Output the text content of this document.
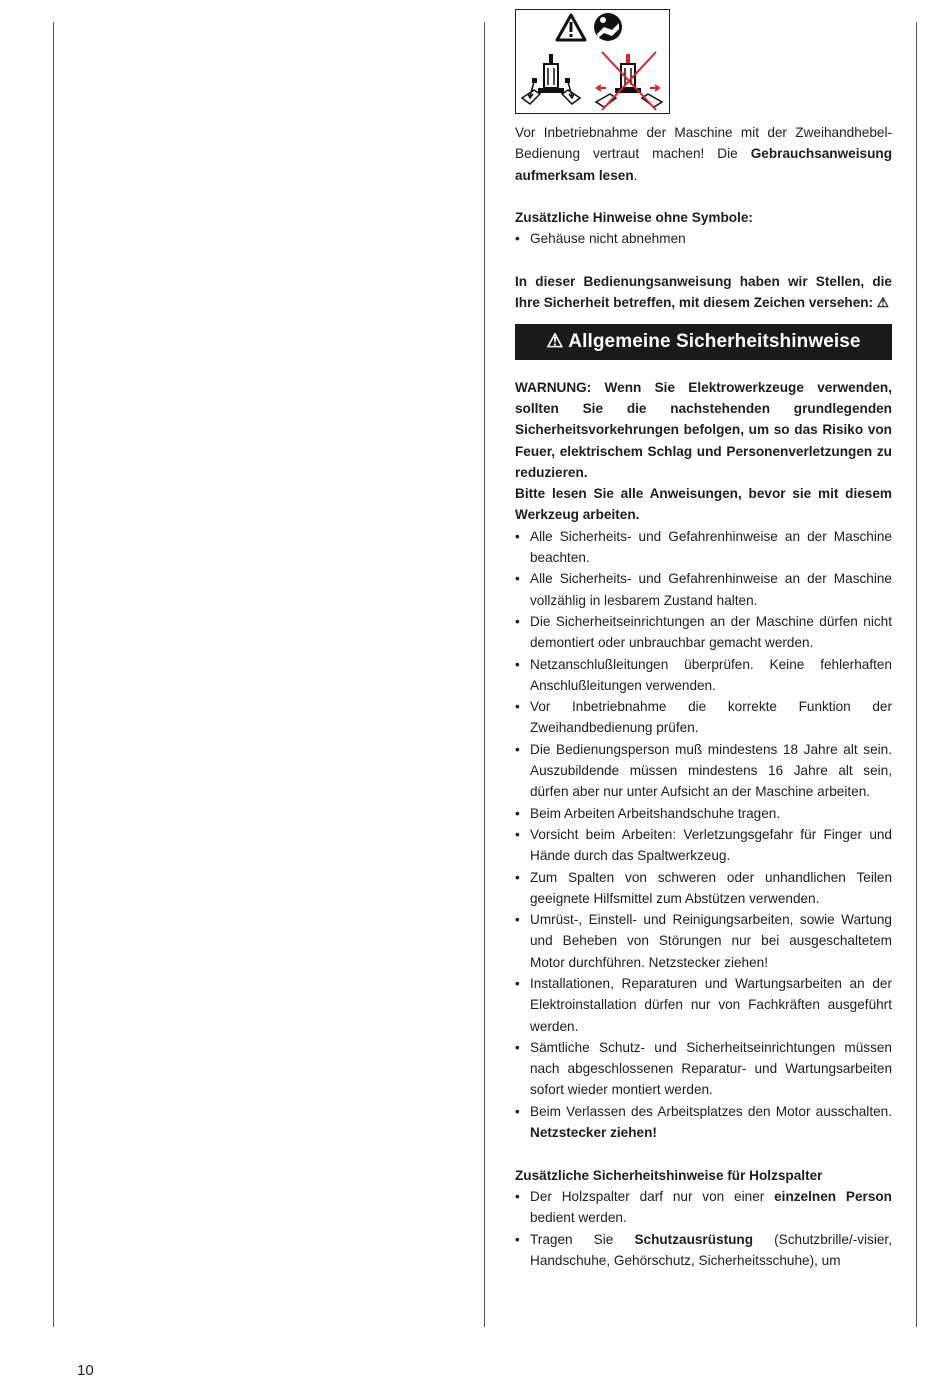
Vor Inbetriebnahme der Maschine mit der Zweihandhebel-Bedienung vertraut machen! Die Gebrauchsanweisung aufmerksam lesen.

Zusätzliche Hinweise ohne Symbole:

• Gehäuse nicht abnehmen

In dieser Bedienungsanweisung haben wir Stellen, die Ihre Sicherheit betreffen, mit diesem Zeichen versehen: ⚠

⚠ Allgemeine Sicherheitshinweise

WARNUNG: Wenn Sie Elektrowerkzeuge verwenden, sollten Sie die nachstehenden grundlegenden Sicherheitsvorkehrungen befolgen, um so das Risiko von Feuer, elektrischem Schlag und Personenverletzungen zu reduzieren.

Bitte lesen Sie alle Anweisungen, bevor sie mit diesem Werkzeug arbeiten.

• Alle Sicherheits- und Gefahrenhinweise an der Maschine beachten.
• Alle Sicherheits- und Gefahrenhinweise an der Maschine vollzählig in lesbarem Zustand halten.
• Die Sicherheitseinrichtungen an der Maschine dürfen nicht demontiert oder unbrauchbar gemacht werden.
• Netzanschlußleitungen überprüfen. Keine fehlerhaften Anschlußleitungen verwenden.
• Vor Inbetriebnahme die korrekte Funktion der Zweihandbedienung prüfen.
• Die Bedienungsperson muß mindestens 18 Jahre alt sein. Auszubildende müssen mindestens 16 Jahre alt sein, dürfen aber nur unter Aufsicht an der Maschine arbeiten.
• Beim Arbeiten Arbeitshandschuhe tragen.
• Vorsicht beim Arbeiten: Verletzungsgefahr für Finger und Hände durch das Spaltwerkzeug.
• Zum Spalten von schweren oder unhandlichen Teilen geeignete Hilfsmittel zum Abstützen verwenden.
• Umrüst-, Einstell- und Reinigungsarbeiten, sowie Wartung und Beheben von Störungen nur bei ausgeschaltetem Motor durchführen. Netzstecker ziehen!
• Installationen, Reparaturen und Wartungsarbeiten an der Elektroinstallation dürfen nur von Fachkräften ausgeführt werden.
• Sämtliche Schutz- und Sicherheitseinrichtungen müssen nach abgeschlossenen Reparatur- und Wartungsarbeiten sofort wieder montiert werden.
• Beim Verlassen des Arbeitsplatzes den Motor ausschalten. Netzstecker ziehen!

Zusätzliche Sicherheitshinweise für Holzspalter

• Der Holzspalter darf nur von einer einzelnen Person bedient werden.
• Tragen Sie Schutzausrüstung (Schutzbrille/-visier, Handschuhe, Gehörschutz, Sicherheitsschuhe), um
10
